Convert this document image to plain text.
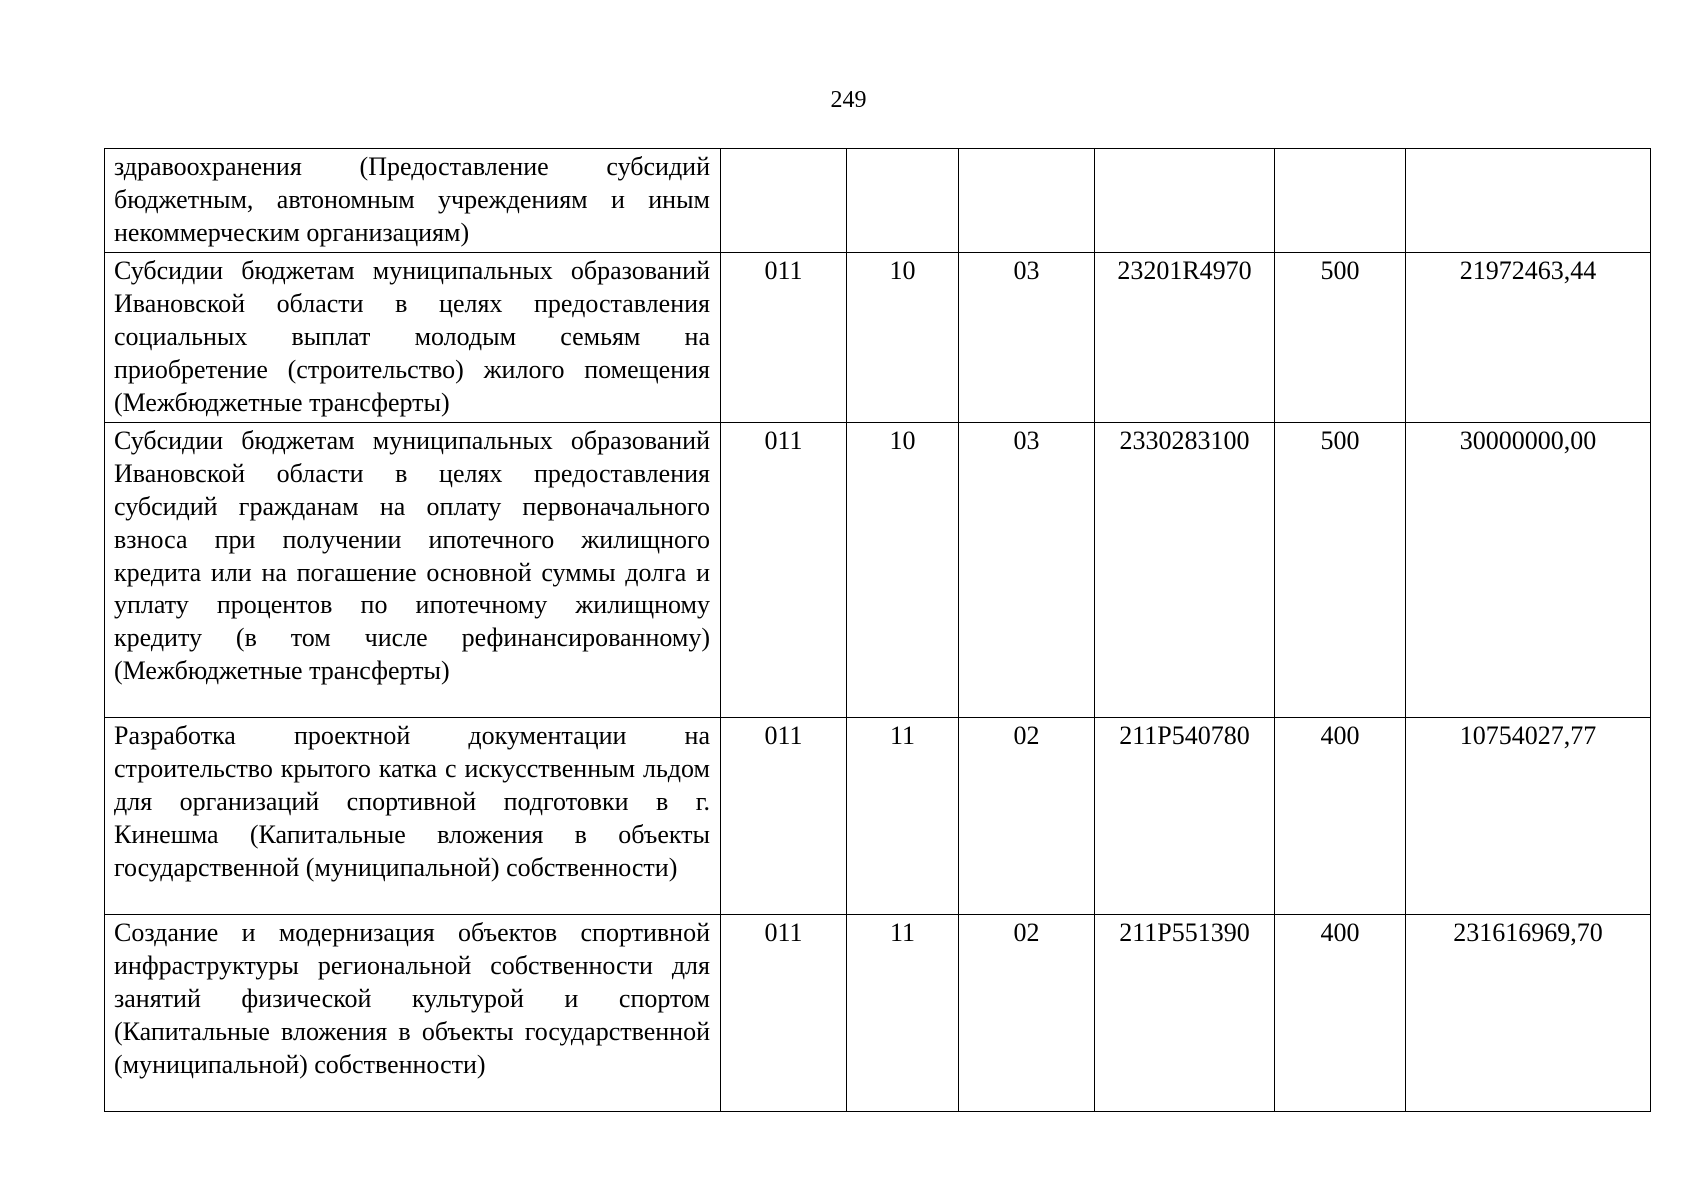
249
здравоохранения (Предоставление субсидий бюджетным, автономным учреждениям и иным некоммерческим организациям)						
Субсидии бюджетам муниципальных образований Ивановской области в целях предоставления социальных выплат молодым семьям на приобретение (строительство) жилого помещения (Межбюджетные трансферты)	011	10	03	23201R4970	500	21972463,44
Субсидии бюджетам муниципальных образований Ивановской области в целях предоставления субсидий гражданам на оплату первоначального взноса при получении ипотечного жилищного кредита или на погашение основной суммы долга и уплату процентов по ипотечному жилищному кредиту (в том числе рефинансированному) (Межбюджетные трансферты)	011	10	03	2330283100	500	30000000,00
Разработка проектной документации на строительство крытого катка с искусственным льдом для организаций спортивной подготовки в г. Кинешма (Капитальные вложения в объекты государственной (муниципальной) собственности)	011	11	02	211P540780	400	10754027,77
Создание и модернизация объектов спортивной инфраструктуры региональной собственности для занятий физической культурой и спортом (Капитальные вложения в объекты государственной (муниципальной) собственности)	011	11	02	211P551390	400	231616969,70
